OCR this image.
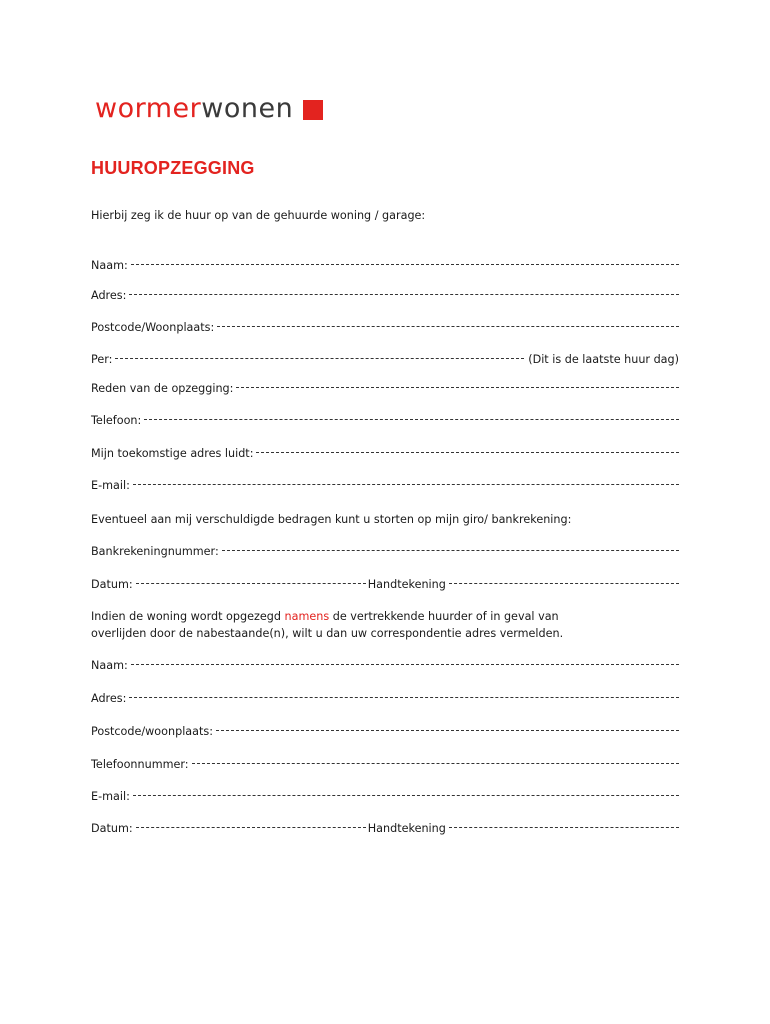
wormer wonen
HUUROPZEGGING
Hierbij zeg ik de huur op van de gehuurde woning / garage:
Naam:
Adres:
Postcode/Woonplaats:
Per:	(Dit is de laatste huur dag)
Reden van de opzegging:
Telefoon:
Mijn toekomstige adres luidt:
E-mail:
Eventueel aan mij verschuldigde bedragen kunt u storten op mijn giro/ bankrekening:
Bankrekeningnummer:
Datum:	Handtekening
Indien de woning wordt opgezegd namens de vertrekkende huurder of in geval van
overlijden door de nabestaande(n), wilt u dan uw correspondentie adres vermelden.
Naam:
Adres:
Postcode/woonplaats:
Telefoonnummer:
E-mail:
Datum:	Handtekening
